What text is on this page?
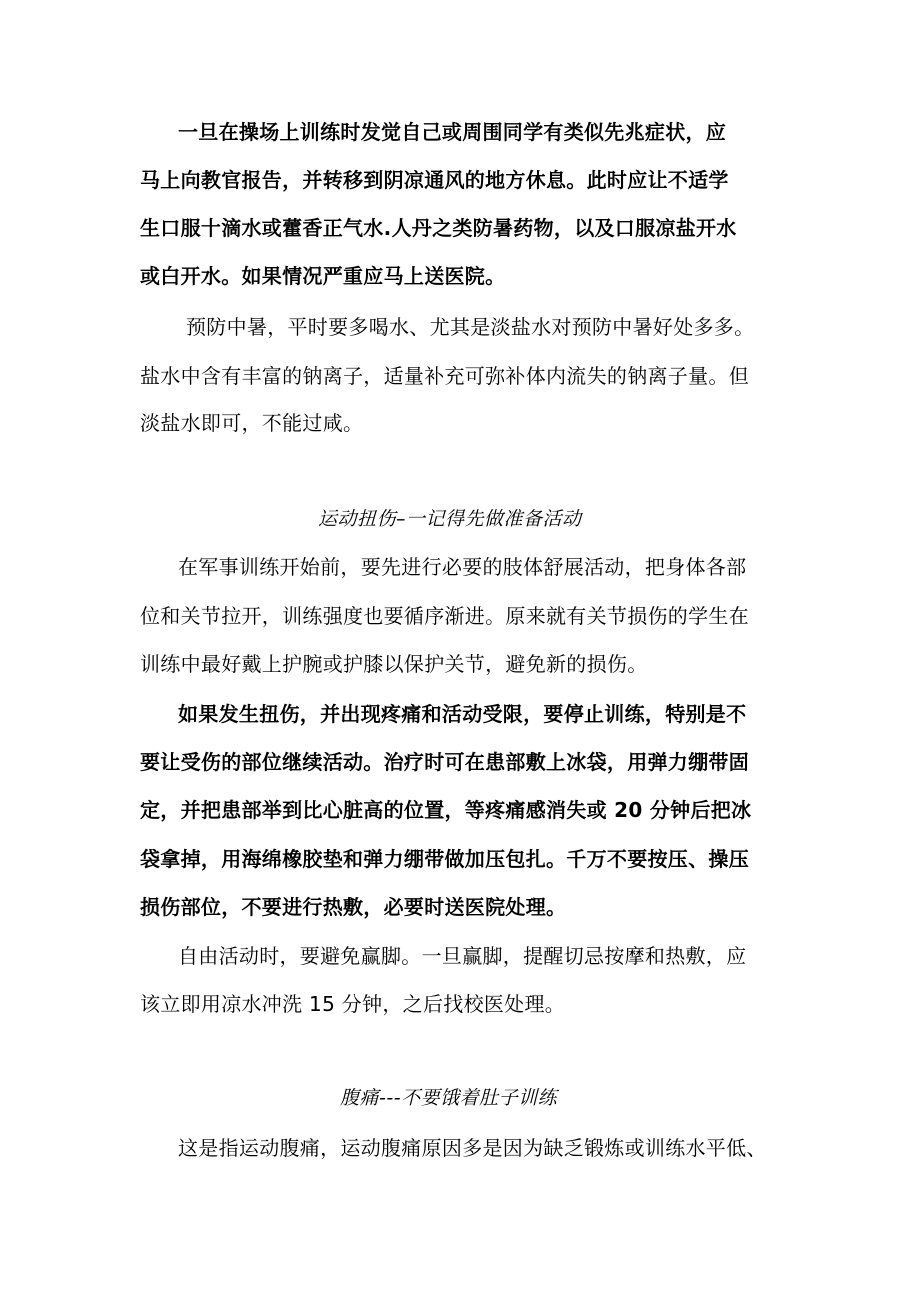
一旦在操场上训练时发觉自己或周围同学有类似先兆症状，应
马上向教官报告，并转移到阴凉通风的地方休息。此时应让不适学
生口服十滴水或藿香正气水.人丹之类防暑药物，以及口服凉盐开水
或白开水。如果情况严重应马上送医院。
预防中暑，平时要多喝水、尤其是淡盐水对预防中暑好处多多。
盐水中含有丰富的钠离子，适量补充可弥补体内流失的钠离子量。但
淡盐水即可，不能过咸。
运动扭伤–一记得先做准备活动
在军事训练开始前，要先进行必要的肢体舒展活动，把身体各部
位和关节拉开，训练强度也要循序渐进。原来就有关节损伤的学生在
训练中最好戴上护腕或护膝以保护关节，避免新的损伤。
如果发生扭伤，并出现疼痛和活动受限，要停止训练，特别是不
要让受伤的部位继续活动。治疗时可在患部敷上冰袋，用弹力绷带固
定，并把患部举到比心脏高的位置，等疼痛感消失或 20 分钟后把冰
袋拿掉，用海绵橡胶垫和弹力绷带做加压包扎。千万不要按压、操压
损伤部位，不要进行热敷，必要时送医院处理。
自由活动时，要避免赢脚。一旦赢脚，提醒切忌按摩和热敷，应
该立即用凉水冲洗 15 分钟，之后找校医处理。
腹痛---不要饿着肚子训练
这是指运动腹痛，运动腹痛原因多是因为缺乏锻炼或训练水平低、
